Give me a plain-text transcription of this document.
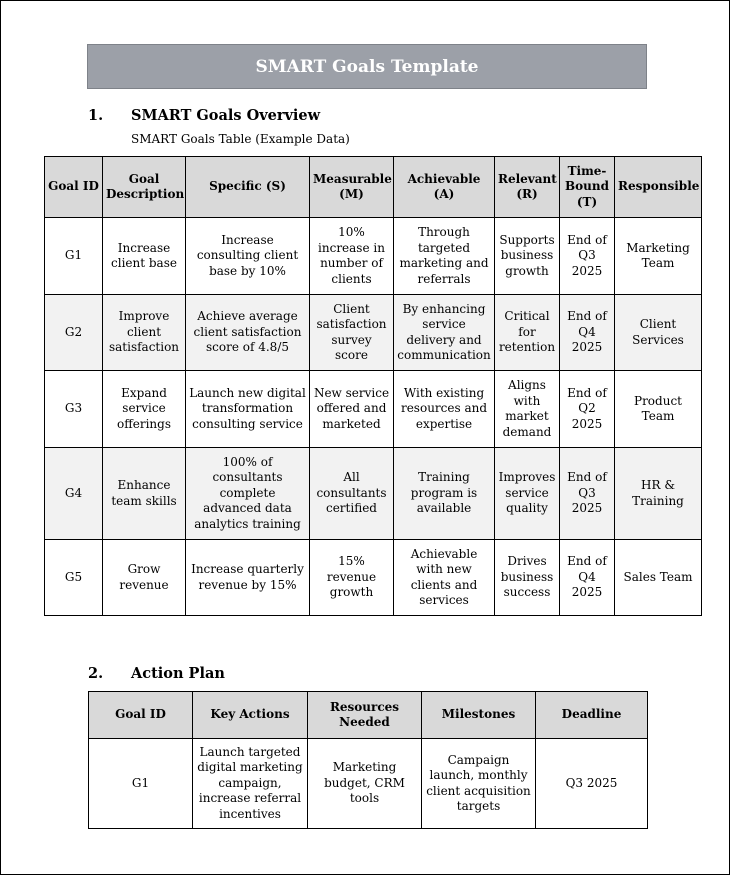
SMART Goals Template
1.	SMART Goals Overview
SMART Goals Table (Example Data)
Goal ID	Goal Description	Specific (S)	Measurable (M)	Achievable (A)	Relevant (R)	Time-Bound (T)	Responsible
G1	Increase client base	Increase consulting client base by 10%	10% increase in number of clients	Through targeted marketing and referrals	Supports business growth	End of Q3 2025	Marketing Team
G2	Improve client satisfaction	Achieve average client satisfaction score of 4.8/5	Client satisfaction survey score	By enhancing service delivery and communication	Critical for retention	End of Q4 2025	Client Services
G3	Expand service offerings	Launch new digital transformation consulting service	New service offered and marketed	With existing resources and expertise	Aligns with market demand	End of Q2 2025	Product Team
G4	Enhance team skills	100% of consultants complete advanced data analytics training	All consultants certified	Training program is available	Improves service quality	End of Q3 2025	HR & Training
G5	Grow revenue	Increase quarterly revenue by 15%	15% revenue growth	Achievable with new clients and services	Drives business success	End of Q4 2025	Sales Team
2.	Action Plan
Goal ID	Key Actions	Resources Needed	Milestones	Deadline
G1	Launch targeted digital marketing campaign, increase referral incentives	Marketing budget, CRM tools	Campaign launch, monthly client acquisition targets	Q3 2025
